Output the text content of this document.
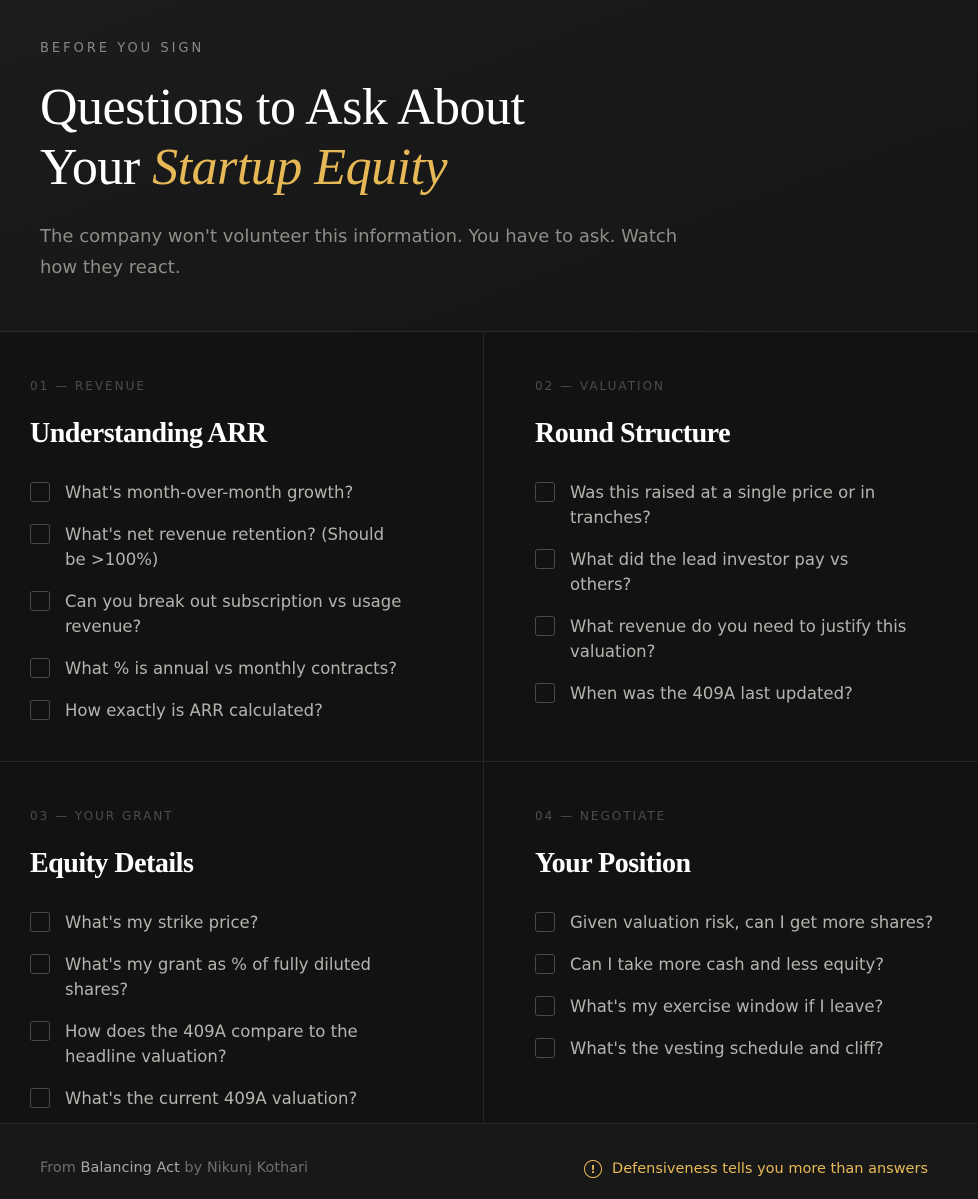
BEFORE YOU SIGN
Questions to Ask About
Your Startup Equity

The company won't volunteer this information. You have to ask. Watch how they react.

01 — REVENUE
Understanding ARR
What's month-over-month growth?
What's net revenue retention? (Should be >100%)
Can you break out subscription vs usage revenue?
What % is annual vs monthly contracts?
How exactly is ARR calculated?
02 — VALUATION
Round Structure
Was this raised at a single price or in tranches?
What did the lead investor pay vs others?
What revenue do you need to justify this valuation?
When was the 409A last updated?
03 — YOUR GRANT
Equity Details
What's my strike price?
What's my grant as % of fully diluted shares?
How does the 409A compare to the headline valuation?
What's the current 409A valuation?
04 — NEGOTIATE
Your Position
Given valuation risk, can I get more shares?
Can I take more cash and less equity?
What's my exercise window if I leave?
What's the vesting schedule and cliff?
From Balancing Act by Nikunj Kothari	!	Defensiveness tells you more than answers
